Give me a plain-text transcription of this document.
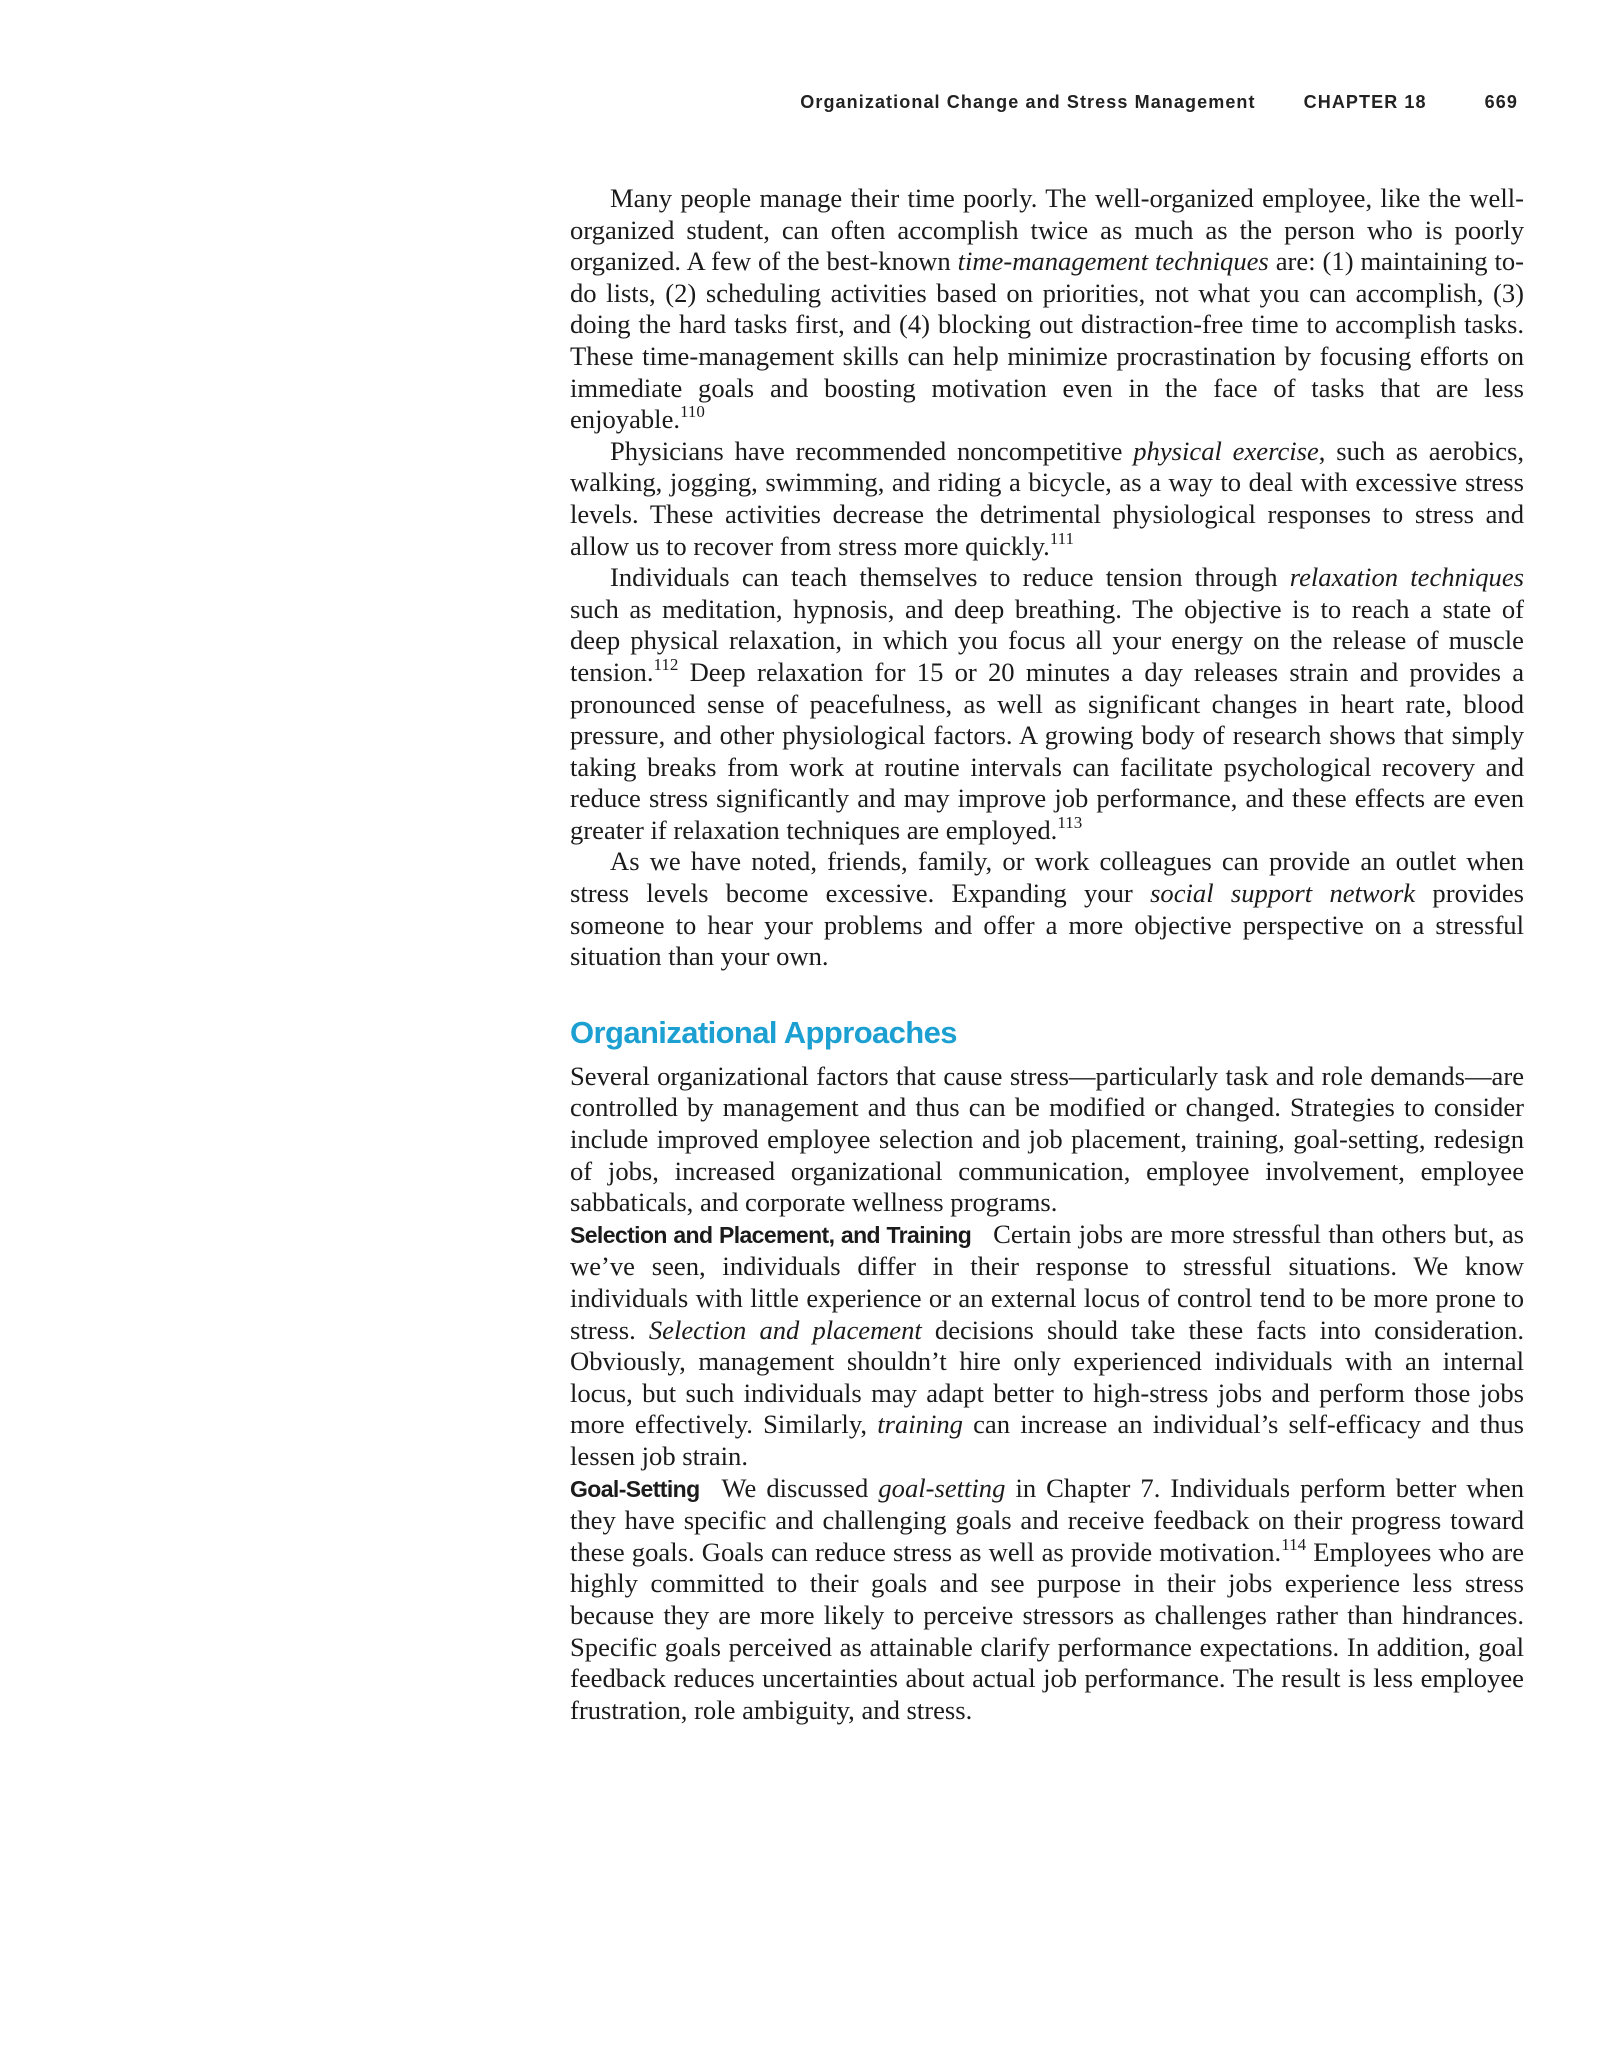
Organizational Change and Stress Management	CHAPTER 18	669

Many people manage their time poorly. The well-organized employee, like the well-organized student, can often accomplish twice as much as the person who is poorly organized. A few of the best-known time-management techniques are: (1) maintaining to-do lists, (2) scheduling activities based on priorities, not what you can accomplish, (3) doing the hard tasks first, and (4) blocking out distraction-free time to accomplish tasks. These time-management skills can help minimize procrastination by focusing efforts on immediate goals and boosting motivation even in the face of tasks that are less enjoyable.$^{110}$

Physicians have recommended noncompetitive physical exercise, such as aerobics, walking, jogging, swimming, and riding a bicycle, as a way to deal with excessive stress levels. These activities decrease the detrimental physiological responses to stress and allow us to recover from stress more quickly.$^{111}$

Individuals can teach themselves to reduce tension through relaxation techniques such as meditation, hypnosis, and deep breathing. The objective is to reach a state of deep physical relaxation, in which you focus all your energy on the release of muscle tension.$^{112}$ Deep relaxation for 15 or 20 minutes a day releases strain and provides a pronounced sense of peacefulness, as well as significant changes in heart rate, blood pressure, and other physiological factors. A growing body of research shows that simply taking breaks from work at routine intervals can facilitate psychological recovery and reduce stress significantly and may improve job performance, and these effects are even greater if relaxation techniques are employed.$^{113}$

As we have noted, friends, family, or work colleagues can provide an outlet when stress levels become excessive. Expanding your social support network provides someone to hear your problems and offer a more objective perspective on a stressful situation than your own.

Organizational Approaches

Several organizational factors that cause stress—particularly task and role demands—are controlled by management and thus can be modified or changed. Strategies to consider include improved employee selection and job placement, training, goal-setting, redesign of jobs, increased organizational communication, employee involvement, employee sabbaticals, and corporate wellness programs.

Selection and Placement, and Training Certain jobs are more stressful than others but, as we’ve seen, individuals differ in their response to stressful situations. We know individuals with little experience or an external locus of control tend to be more prone to stress. Selection and placement decisions should take these facts into consideration. Obviously, management shouldn’t hire only experienced individuals with an internal locus, but such individuals may adapt better to high-stress jobs and perform those jobs more effectively. Similarly, training can increase an individual’s self-efficacy and thus lessen job strain.

Goal-Setting We discussed goal-setting in Chapter 7. Individuals perform better when they have specific and challenging goals and receive feedback on their progress toward these goals. Goals can reduce stress as well as provide motivation.$^{114}$ Employees who are highly committed to their goals and see purpose in their jobs experience less stress because they are more likely to perceive stressors as challenges rather than hindrances. Specific goals perceived as attainable clarify performance expectations. In addition, goal feedback reduces uncertainties about actual job performance. The result is less employee frustration, role ambiguity, and stress.
